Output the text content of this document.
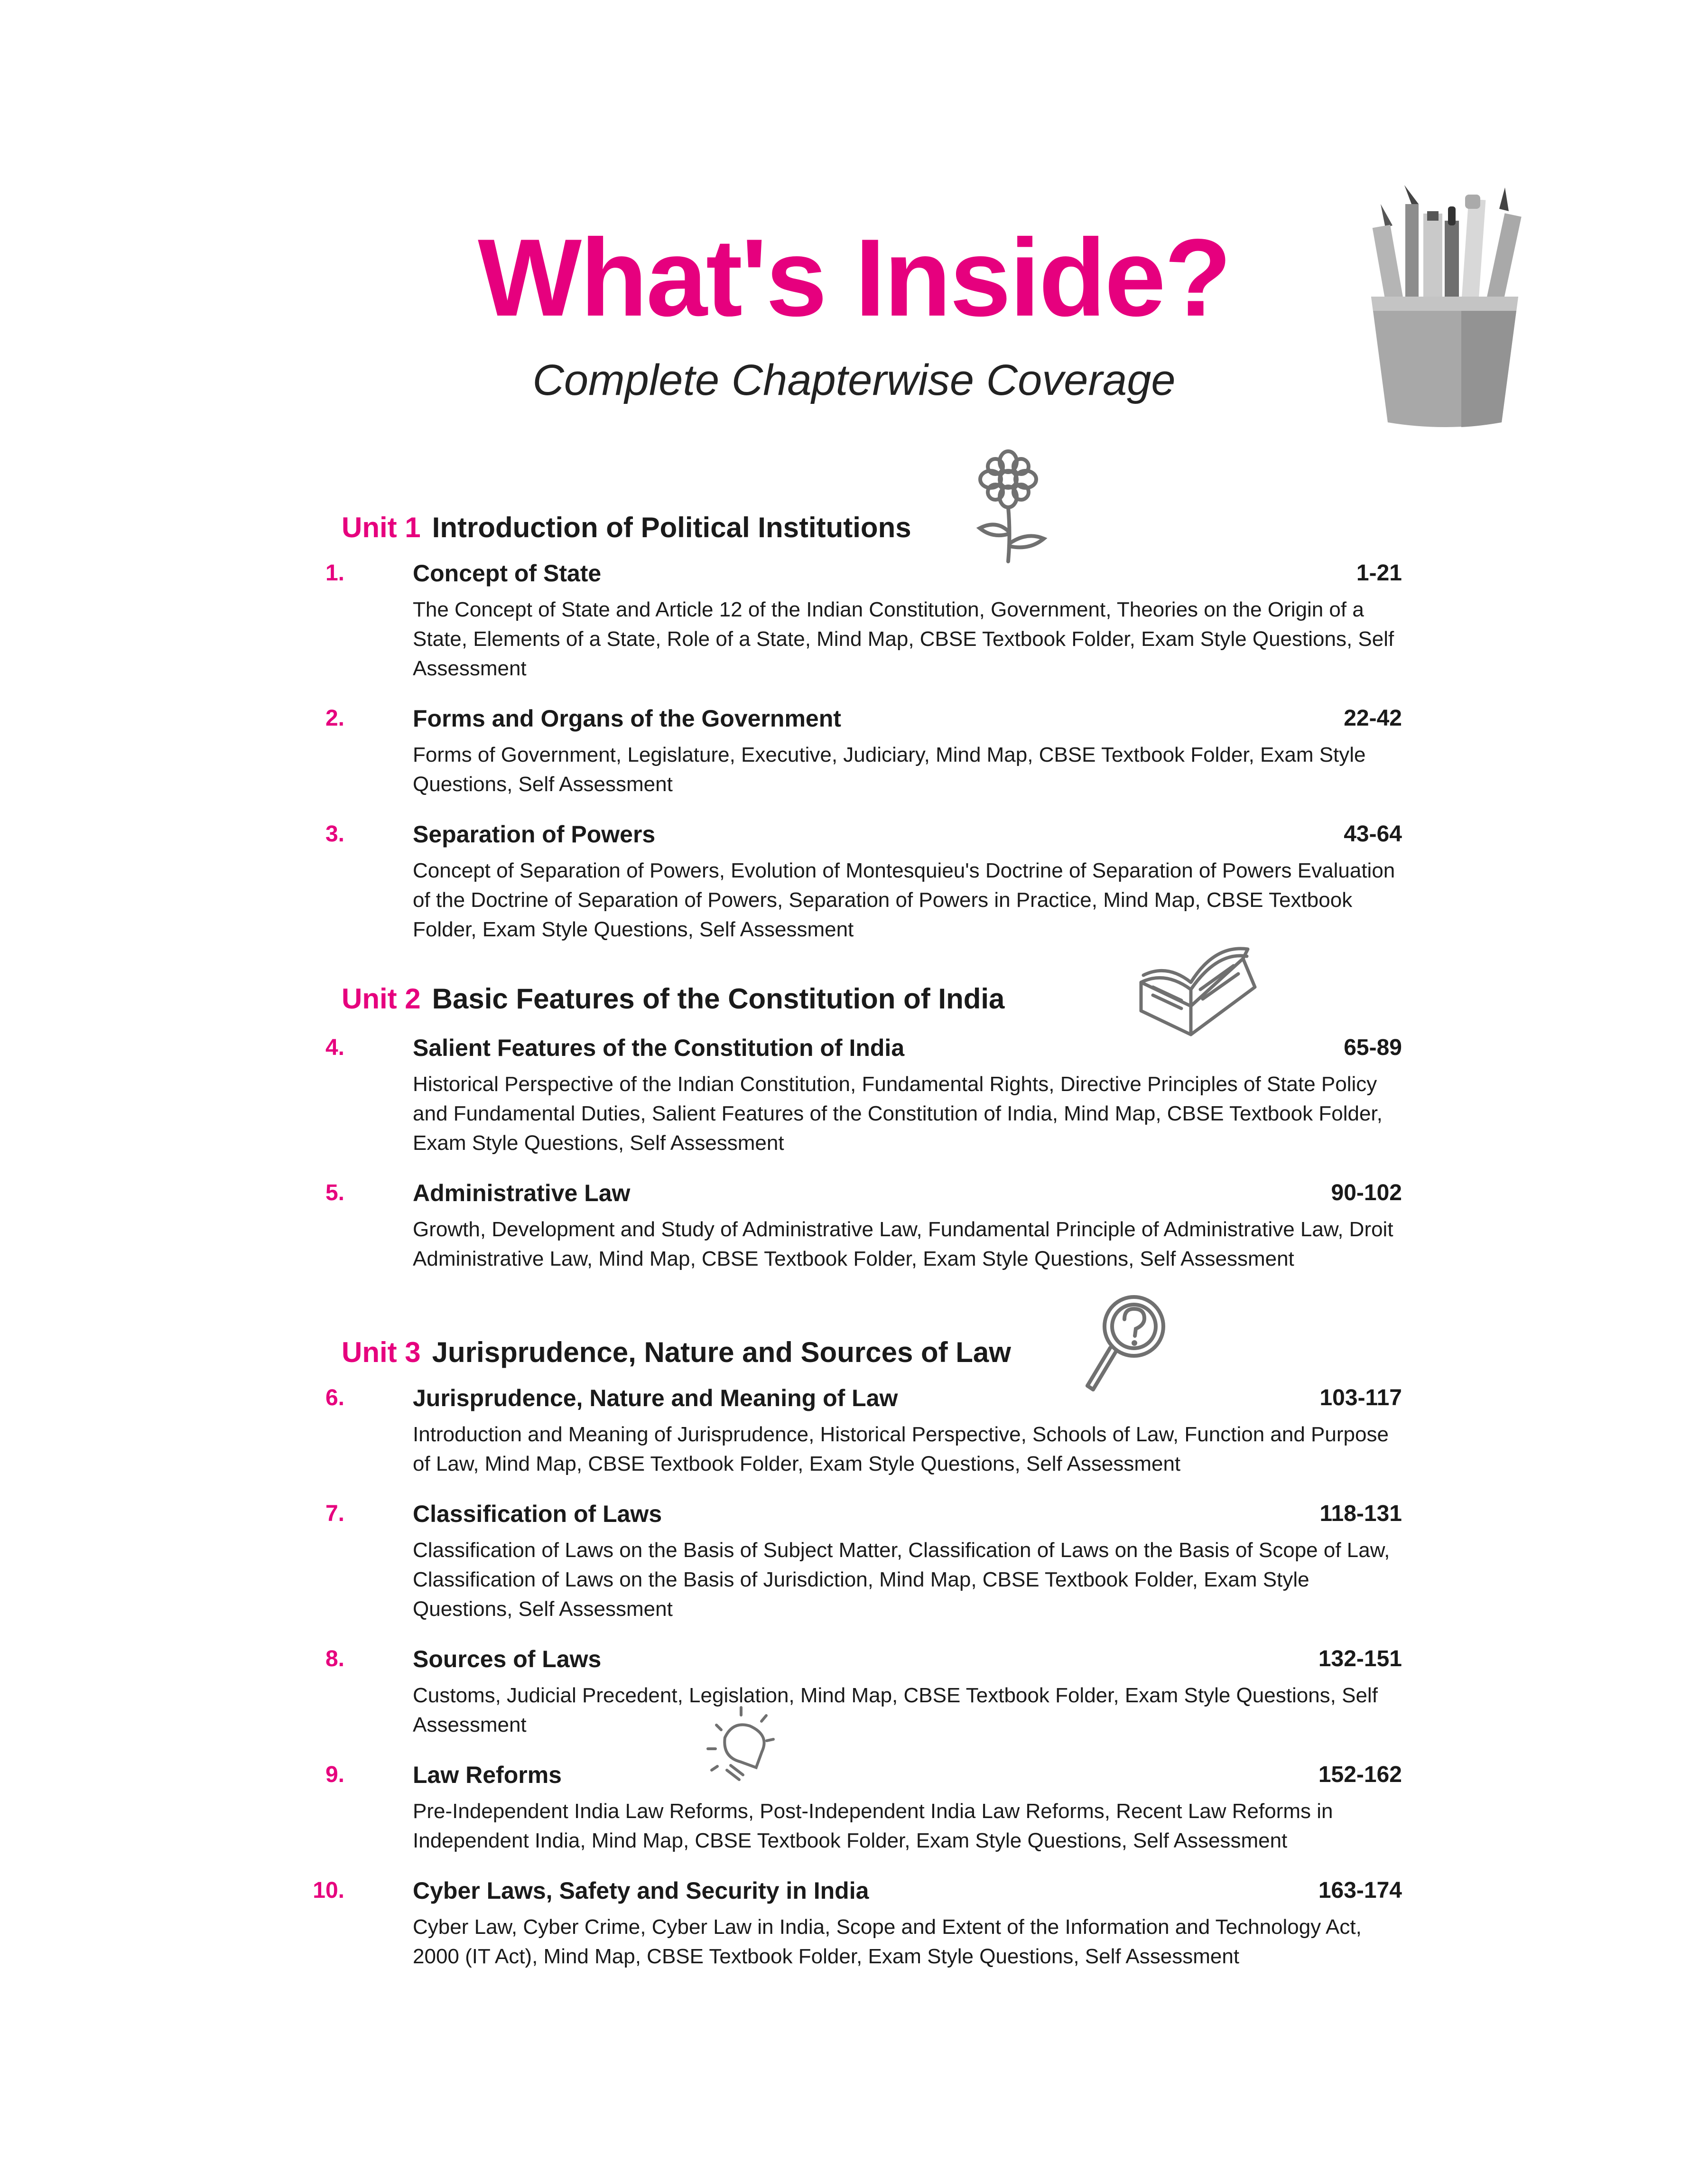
What's Inside?
Complete Chapterwise Coverage
Unit 1 Introduction of Political Institutions
1.	Concept of State	1-21
The Concept of State and Article 12 of the Indian Constitution, Government, Theories on the Origin of a State, Elements of a State, Role of a State, Mind Map, CBSE Textbook Folder, Exam Style Questions, Self Assessment
2.	Forms and Organs of the Government	22-42
Forms of Government, Legislature, Executive, Judiciary, Mind Map, CBSE Textbook Folder, Exam Style Questions, Self Assessment
3.	Separation of Powers	43-64
Concept of Separation of Powers, Evolution of Montesquieu's Doctrine of Separation of Powers Evaluation of the Doctrine of Separation of Powers, Separation of Powers in Practice, Mind Map, CBSE Textbook Folder, Exam Style Questions, Self Assessment
Unit 2 Basic Features of the Constitution of India
4.	Salient Features of the Constitution of India	65-89
Historical Perspective of the Indian Constitution, Fundamental Rights, Directive Principles of State Policy and Fundamental Duties, Salient Features of the Constitution of India, Mind Map, CBSE Textbook Folder, Exam Style Questions, Self Assessment
5.	Administrative Law	90-102
Growth, Development and Study of Administrative Law, Fundamental Principle of Administrative Law, Droit Administrative Law, Mind Map, CBSE Textbook Folder, Exam Style Questions, Self Assessment
Unit 3 Jurisprudence, Nature and Sources of Law
6.	Jurisprudence, Nature and Meaning of Law	103-117
Introduction and Meaning of Jurisprudence, Historical Perspective, Schools of Law, Function and Purpose of Law, Mind Map, CBSE Textbook Folder, Exam Style Questions, Self Assessment
7.	Classification of Laws	118-131
Classification of Laws on the Basis of Subject Matter, Classification of Laws on the Basis of Scope of Law, Classification of Laws on the Basis of Jurisdiction, Mind Map, CBSE Textbook Folder, Exam Style Questions, Self Assessment
8.	Sources of Laws	132-151
Customs, Judicial Precedent, Legislation, Mind Map, CBSE Textbook Folder, Exam Style Questions, Self Assessment
9.	Law Reforms	152-162
Pre-Independent India Law Reforms, Post-Independent India Law Reforms, Recent Law Reforms in Independent India, Mind Map, CBSE Textbook Folder, Exam Style Questions, Self Assessment
10.	Cyber Laws, Safety and Security in India	163-174
Cyber Law, Cyber Crime, Cyber Law in India, Scope and Extent of the Information and Technology Act, 2000 (IT Act), Mind Map, CBSE Textbook Folder, Exam Style Questions, Self Assessment
